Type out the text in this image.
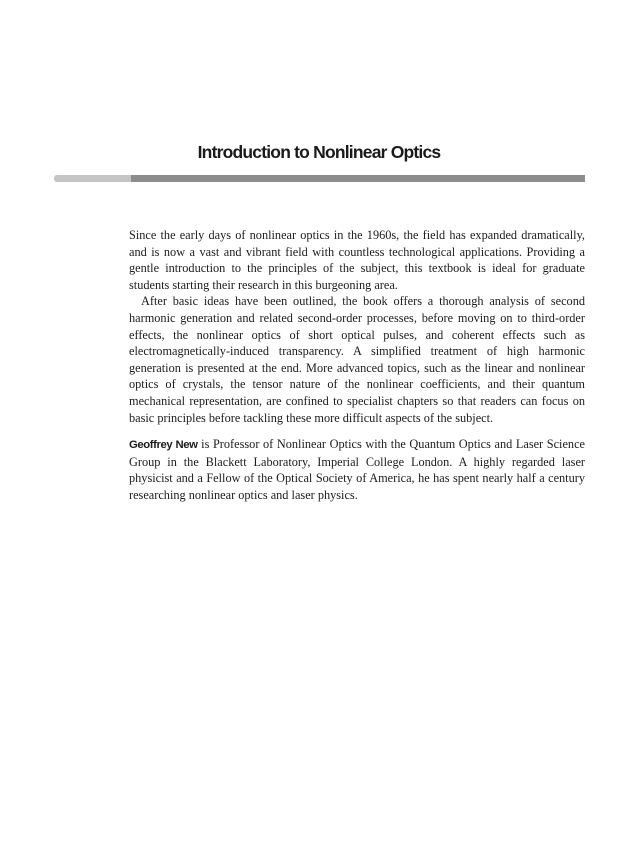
Introduction to Nonlinear Optics

Since the early days of nonlinear optics in the 1960s, the field has expanded dramatically, and is now a vast and vibrant field with countless technological applications. Providing a gentle introduction to the principles of the subject, this textbook is ideal for graduate students starting their research in this burgeoning area.

After basic ideas have been outlined, the book offers a thorough analysis of second harmonic generation and related second-order processes, before moving on to third-order effects, the nonlinear optics of short optical pulses, and coherent effects such as electromagnetically-induced transparency. A simplified treatment of high harmonic generation is presented at the end. More advanced topics, such as the linear and nonlinear optics of crystals, the tensor nature of the nonlinear coefficients, and their quantum mechanical representation, are confined to specialist chapters so that readers can focus on basic principles before tackling these more difficult aspects of the subject.

Geoffrey New is Professor of Nonlinear Optics with the Quantum Optics and Laser Science Group in the Blackett Laboratory, Imperial College London. A highly regarded laser physicist and a Fellow of the Optical Society of America, he has spent nearly half a century researching nonlinear optics and laser physics.
